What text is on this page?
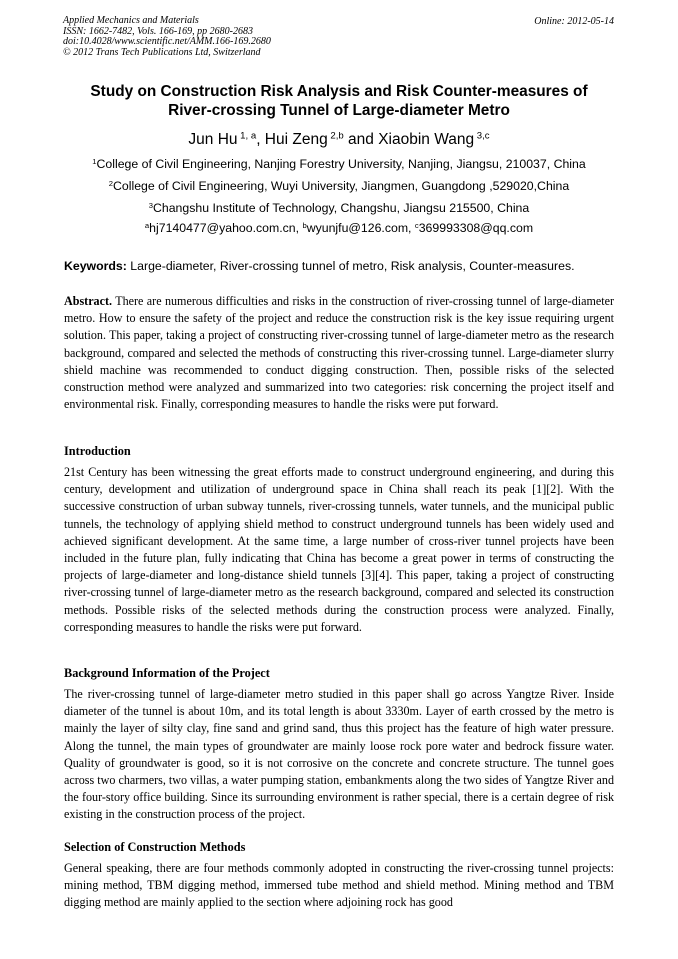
Applied Mechanics and Materials
ISSN: 1662-7482, Vols. 166-169, pp 2680-2683
doi:10.4028/www.scientific.net/AMM.166-169.2680
© 2012 Trans Tech Publications Ltd, Switzerland
Online: 2012-05-14
Study on Construction Risk Analysis and Risk Counter-measures of
River-crossing Tunnel of Large-diameter Metro
Jun Hu $^{1, a}$, Hui Zeng $^{2,b}$ and Xiaobin Wang $^{3,c}$
$^1$College of Civil Engineering, Nanjing Forestry University, Nanjing, Jiangsu, 210037, China
$^2$College of Civil Engineering, Wuyi University, Jiangmen, Guangdong ,529020,China
$^3$Changshu Institute of Technology, Changshu, Jiangsu 215500, China
$^a$hj7140477@yahoo.com.cn, $^b$wyunjfu@126.com, $^c$369993308@qq.com
Keywords: Large-diameter, River-crossing tunnel of metro, Risk analysis, Counter-measures.

Abstract. There are numerous difficulties and risks in the construction of river-crossing tunnel of large-diameter metro. How to ensure the safety of the project and reduce the construction risk is the key issue requiring urgent solution. This paper, taking a project of constructing river-crossing tunnel of large-diameter metro as the research background, compared and selected the methods of constructing this river-crossing tunnel. Large-diameter slurry shield machine was recommended to conduct digging construction. Then, possible risks of the selected construction method were analyzed and summarized into two categories: risk concerning the project itself and environmental risk. Finally, corresponding measures to handle the risks were put forward.

Introduction

21st Century has been witnessing the great efforts made to construct underground engineering, and during this century, development and utilization of underground space in China shall reach its peak [1][2]. With the successive construction of urban subway tunnels, river-crossing tunnels, water tunnels, and the municipal public tunnels, the technology of applying shield method to construct underground tunnels has been widely used and achieved significant development. At the same time, a large number of cross-river tunnel projects have been included in the future plan, fully indicating that China has become a great power in terms of constructing the projects of large-diameter and long-distance shield tunnels [3][4]. This paper, taking a project of constructing river-crossing tunnel of large-diameter metro as the research background, compared and selected its construction methods. Possible risks of the selected methods during the construction process were analyzed. Finally, corresponding measures to handle the risks were put forward.

Background Information of the Project

The river-crossing tunnel of large-diameter metro studied in this paper shall go across Yangtze River. Inside diameter of the tunnel is about 10m, and its total length is about 3330m. Layer of earth crossed by the metro is mainly the layer of silty clay, fine sand and grind sand, thus this project has the feature of high water pressure. Along the tunnel, the main types of groundwater are mainly loose rock pore water and bedrock fissure water. Quality of groundwater is good, so it is not corrosive on the concrete and concrete structure. The tunnel goes across two charmers, two villas, a water pumping station, embankments along the two sides of Yangtze River and the four-story office building. Since its surrounding environment is rather special, there is a certain degree of risk existing in the construction process of the project.

Selection of Construction Methods

General speaking, there are four methods commonly adopted in constructing the river-crossing tunnel projects: mining method, TBM digging method, immersed tube method and shield method. Mining method and TBM digging method are mainly applied to the section where adjoining rock has good
